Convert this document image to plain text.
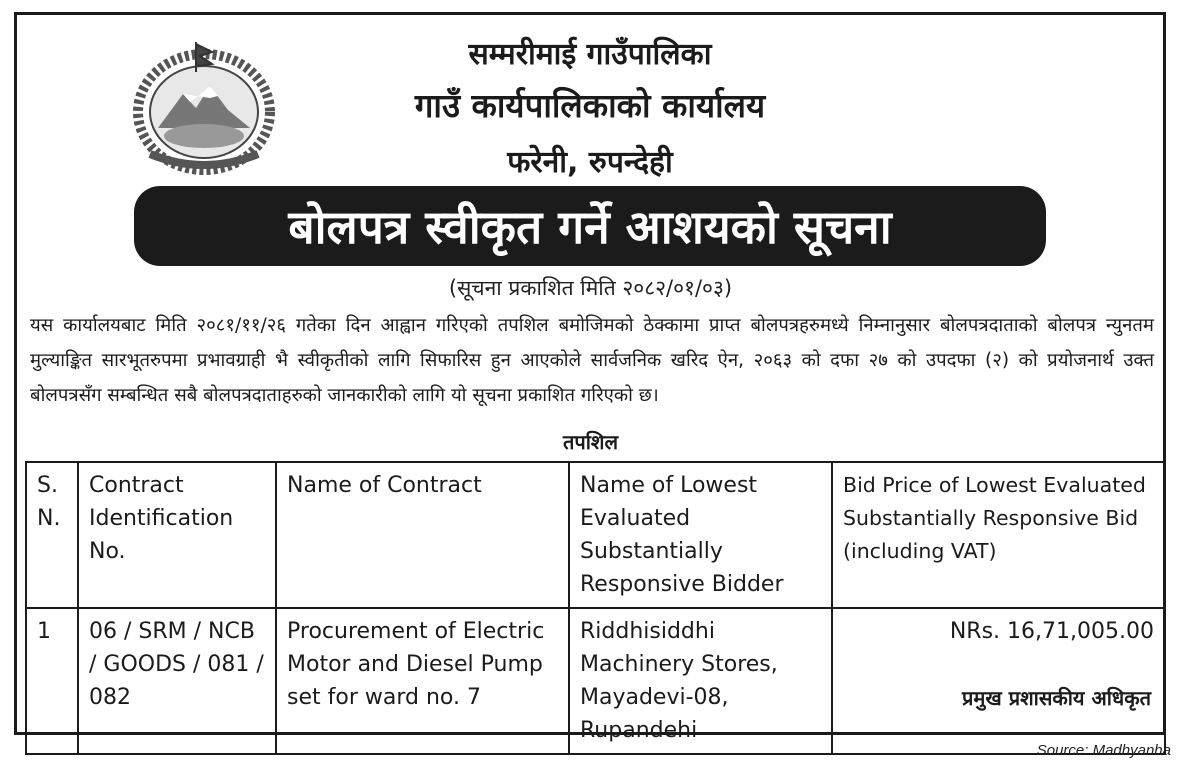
सम्मरीमाई गाउँपालिका
गाउँ कार्यपालिकाको कार्यालय
फरेनी, रुपन्देही
बोलपत्र स्वीकृत गर्ने आशयको सूचना
(सूचना प्रकाशित मिति २०८२/०१/०३)
यस कार्यालयबाट मिति २०८१/११/२६ गतेका दिन आह्वान गरिएको तपशिल बमोजिमको ठेक्कामा प्राप्त बोलपत्रहरुमध्ये निम्नानुसार बोलपत्रदाताको बोलपत्र न्युनतम मुल्याङ्कित सारभूतरुपमा प्रभावग्राही भै स्वीकृतीको लागि सिफारिस हुन आएकोले सार्वजनिक खरिद ऐन, २०६३ को दफा २७ को उपदफा (२) को प्रयोजनार्थ उक्त बोलपत्रसँग सम्बन्धित सबै बोलपत्रदाताहरुको जानकारीको लागि यो सूचना प्रकाशित गरिएको छ।
तपशिल
S. N.	Contract Identification No.	Name of Contract	Name of Lowest Evaluated Substantially Responsive Bidder	Bid Price of Lowest Evaluated Substantially Responsive Bid (including VAT)
1	06 / SRM / NCB / GOODS / 081 / 082	Procurement of Electric Motor and Diesel Pump set for ward no. 7	Riddhisiddhi Machinery Stores, Mayadevi-08, Rupandehi	NRs. 16,71,005.00
प्रमुख प्रशासकीय अधिकृत
Source: Madhyanha
